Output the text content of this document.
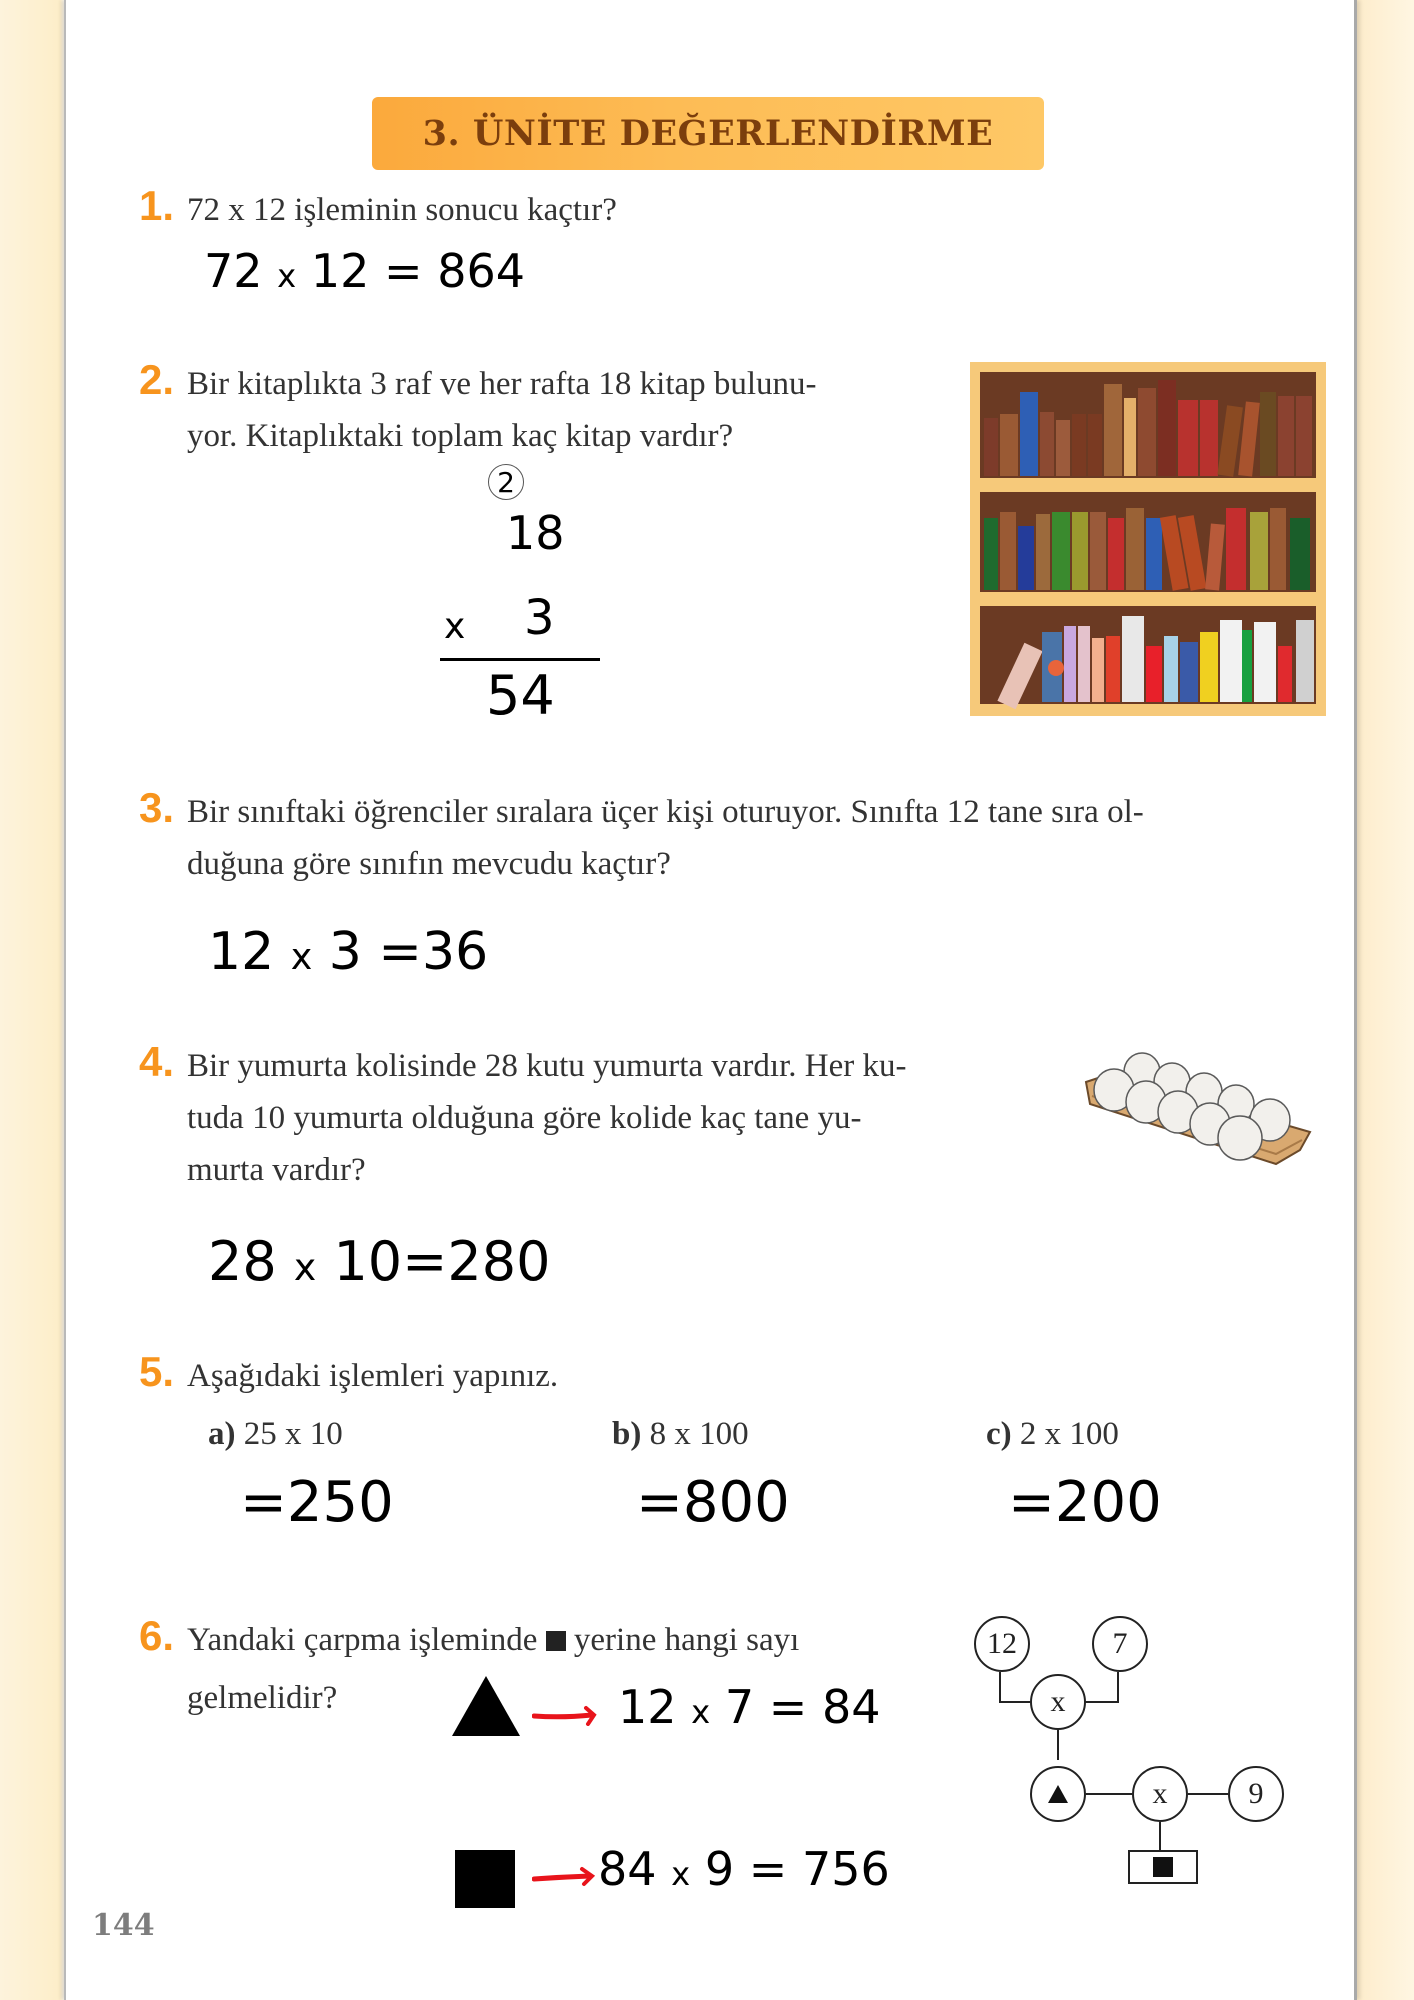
3. ÜNİTE DEĞERLENDİRME
1. 72 x 12 işleminin sonucu kaçtır?
72 x 12 = 864
2. Bir kitaplıkta 3 raf ve her rafta 18 kitap bulunu-
yor. Kitaplıktaki toplam kaç kitap vardır?
2
18
x 3
54
3. Bir sınıftaki öğrenciler sıralara üçer kişi oturuyor. Sınıfta 12 tane sıra ol-
duğuna göre sınıfın mevcudu kaçtır?
12 x 3 =36
4. Bir yumurta kolisinde 28 kutu yumurta vardır. Her ku-
tuda 10 yumurta olduğuna göre kolide kaç tane yu-
murta vardır?
28 x 10=280
5. Aşağıdaki işlemleri yapınız.
a) 25 x 10	b) 8 x 100	c) 2 x 100
=250	=800	=200
6. Yandaki çarpma işleminde yerine hangi sayı
gelmelidir?	12 x 7 = 84
84 x 9 = 756
12	7
x
x	9
144
